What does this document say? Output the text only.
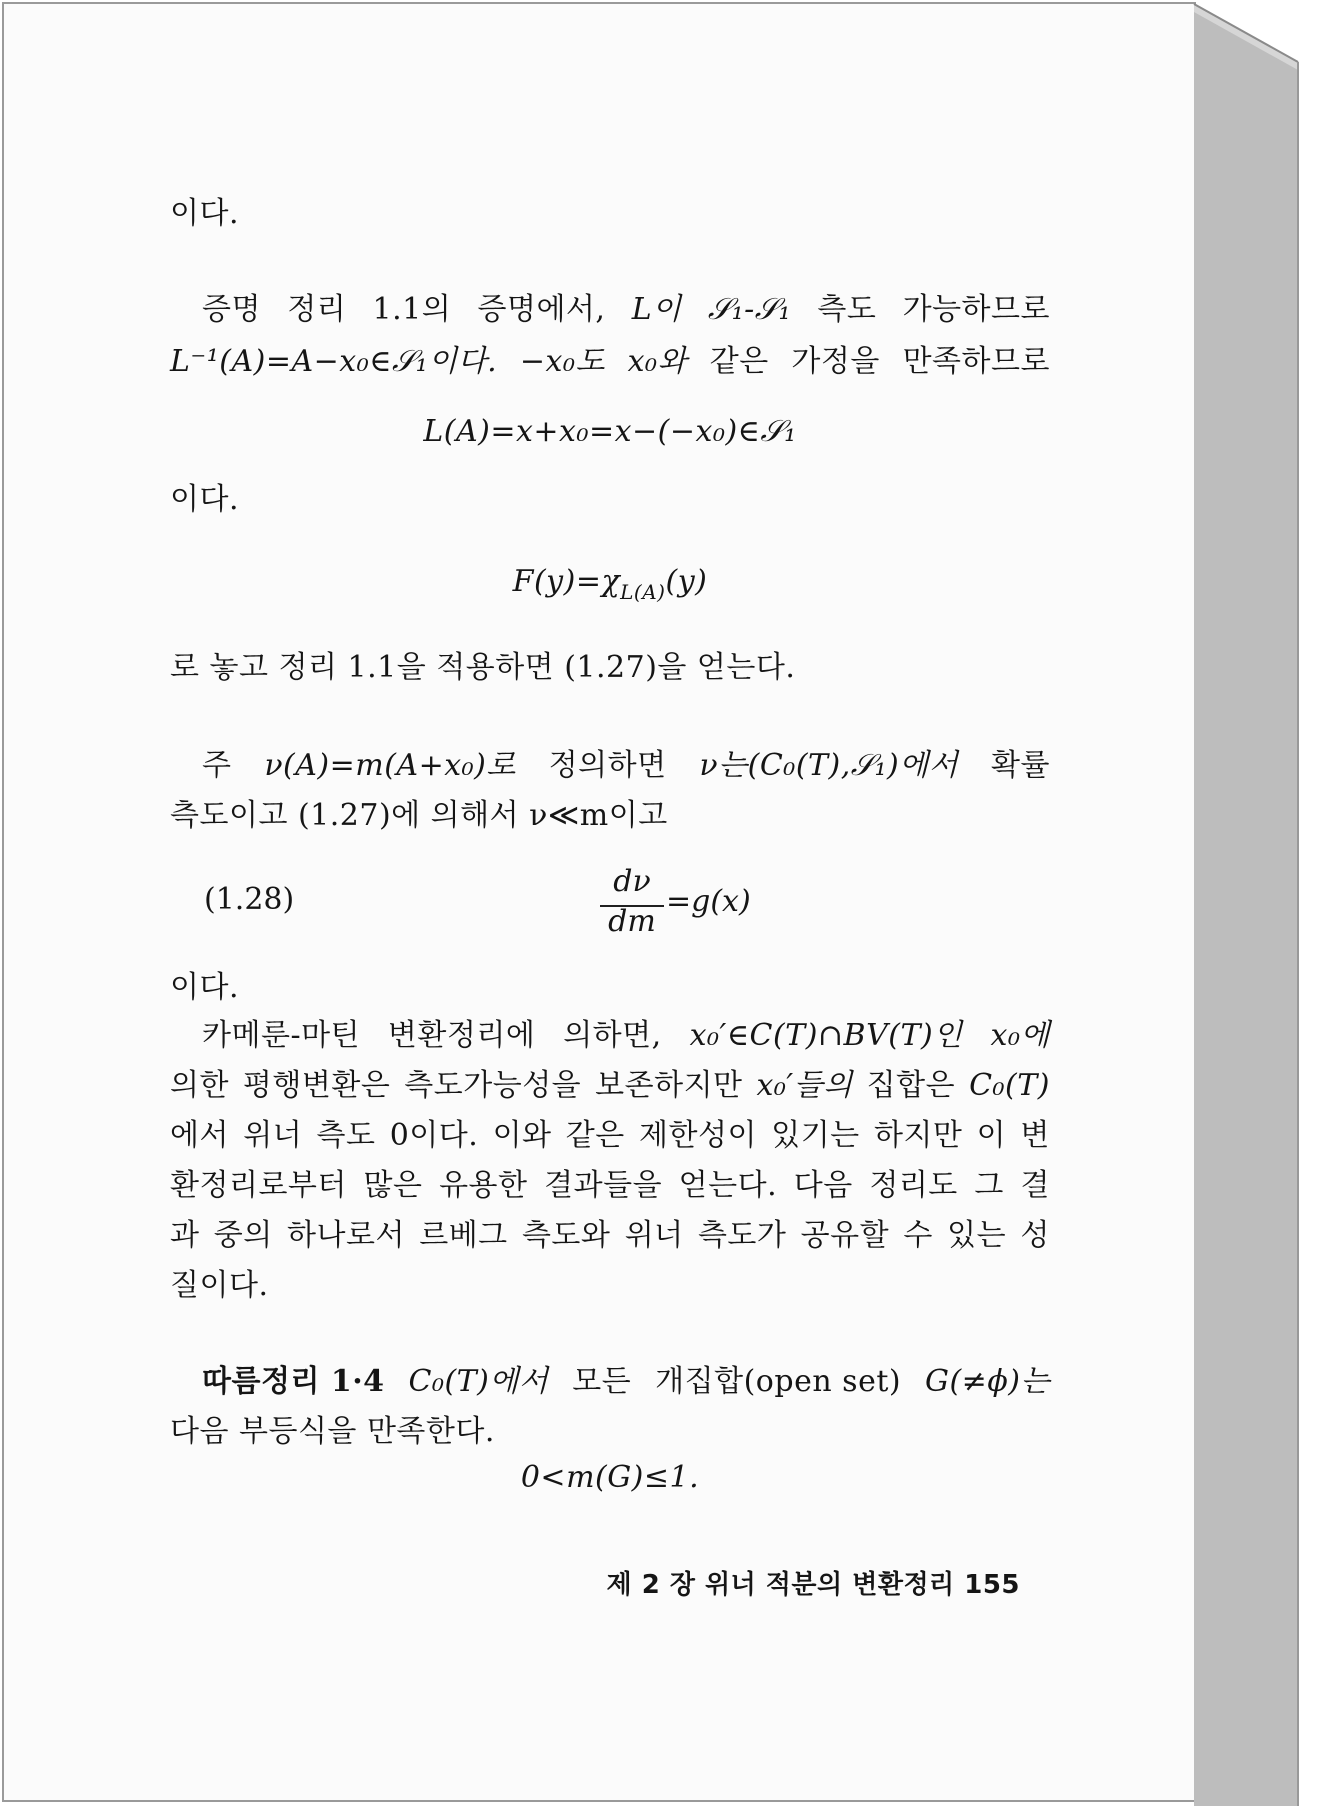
이다.
증명 정리 1.1의 증명에서, L이 𝒮₁-𝒮₁ 측도 가능하므로
L⁻¹(A)=A−x₀∈𝒮₁이다. −x₀도 x₀와 같은 가정을 만족하므로
L(A)=x+x₀=x−(−x₀)∈𝒮₁
이다.
$F(y)=\chi_{L(A)}(y)$
로 놓고 정리 1.1을 적용하면 (1.27)을 얻는다.
주 ν(A)=m(A+x₀)로 정의하면 ν는(C₀(T),𝒮₁)에서 확률
측도이고 (1.27)에 의해서 ν≪m이고
(1.28)
dν
dm
=g(x)
이다.
카메룬-마틴 변환정리에 의하면, x₀′∈C(T)∩BV(T)인 x₀에
의한 평행변환은 측도가능성을 보존하지만 x₀′들의 집합은 C₀(T)
에서 위너 측도 0이다. 이와 같은 제한성이 있기는 하지만 이 변
환정리로부터 많은 유용한 결과들을 얻는다. 다음 정리도 그 결
과 중의 하나로서 르베그 측도와 위너 측도가 공유할 수 있는 성
질이다.
따름정리 1·4 C₀(T)에서 모든 개집합(open set) G(≠ϕ)는
다음 부등식을 만족한다.
0<m(G)≤1.
제 2 장 위너 적분의 변환정리 155
